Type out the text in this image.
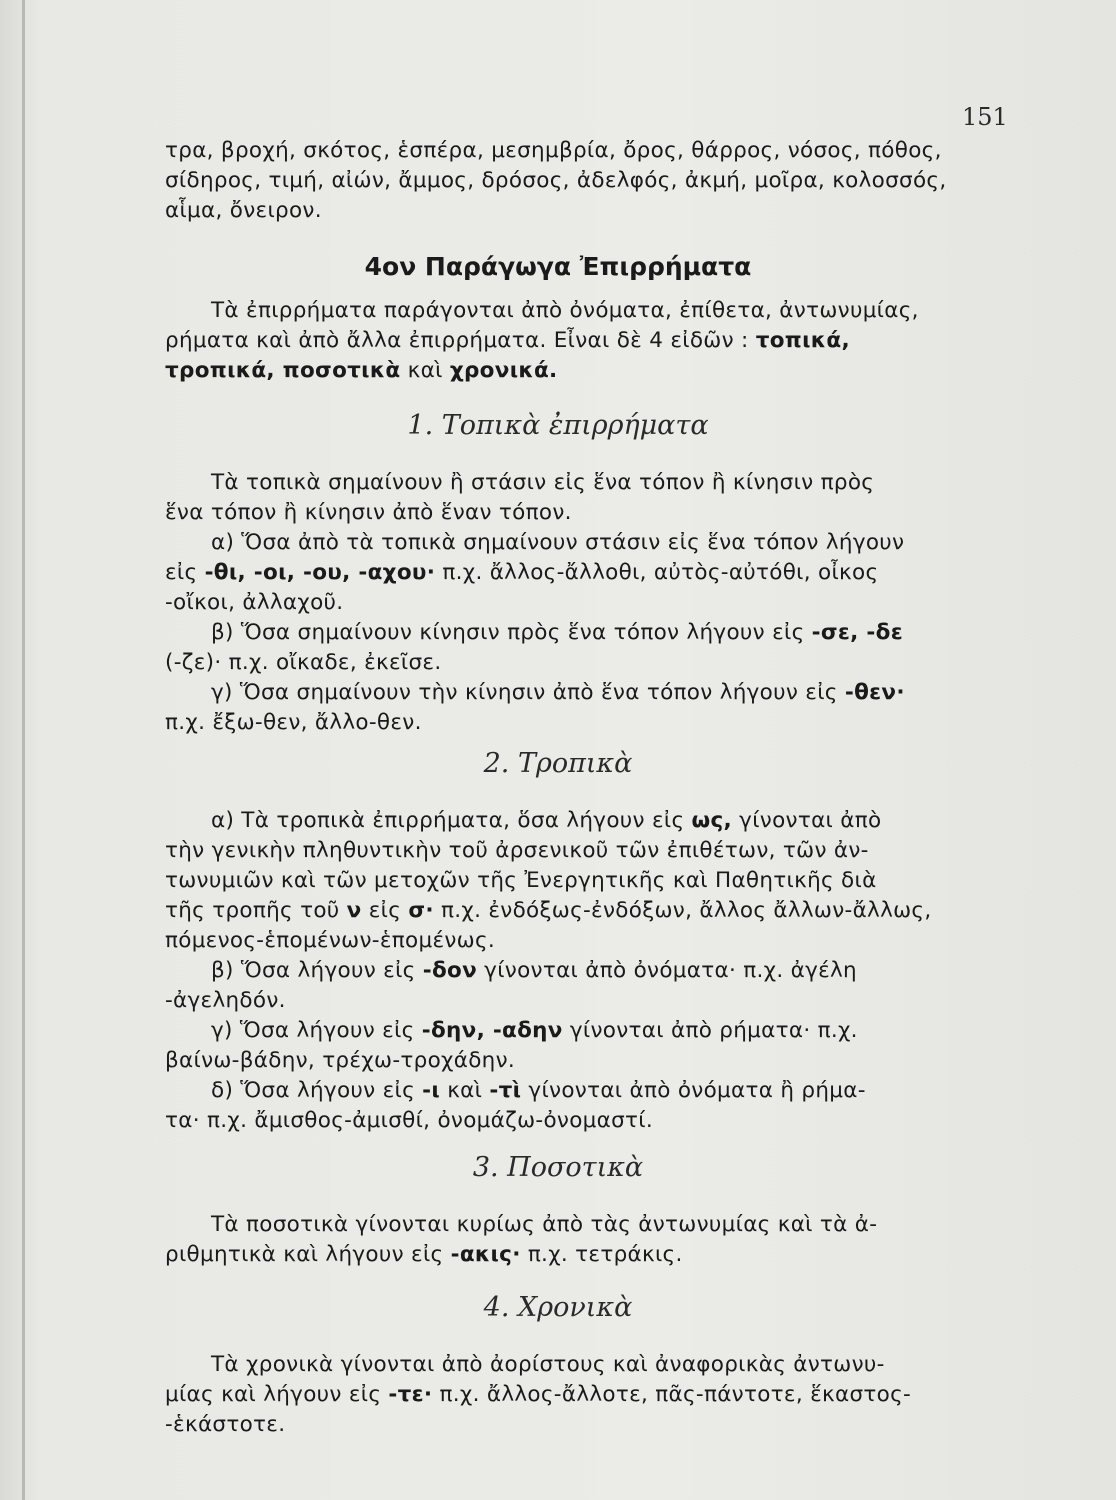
151
τρα, βροχή, σκότος, ἑσπέρα, μεσημβρία, ὄρος, θάρρος, νόσος, πόθος,
σίδηρος, τιμή, αἰών, ἄμμος, δρόσος, ἀδελφός, ἀκμή, μοῖρα, κολοσσός,
αἷμα, ὄνειρον.
4ον Παράγωγα Ἐπιρρήματα
Τὰ ἐπιρρήματα παράγονται ἀπὸ ὀνόματα, ἐπίθετα, ἀντωνυμίας,
ρήματα καὶ ἀπὸ ἄλλα ἐπιρρήματα. Εἶναι δὲ 4 εἰδῶν : τοπικά,
τροπικά, ποσοτικὰ καὶ χρονικά.
1. Τοπικὰ ἐπιρρήματα
Τὰ τοπικὰ σημαίνουν ἢ στάσιν εἰς ἕνα τόπον ἢ κίνησιν πρὸς
ἕνα τόπον ἢ κίνησιν ἀπὸ ἕναν τόπον.
α) Ὅσα ἀπὸ τὰ τοπικὰ σημαίνουν στάσιν εἰς ἕνα τόπον λήγουν
εἰς -θι, -οι, -ου, -αχου· π.χ. ἄλλος-ἄλλοθι, αὐτὸς-αὐτόθι, οἶκος
-οἴκοι, ἀλλαχοῦ.
β) Ὅσα σημαίνουν κίνησιν πρὸς ἕνα τόπον λήγουν εἰς -σε, -δε
(-ζε)· π.χ. οἴκαδε, ἐκεῖσε.
γ) Ὅσα σημαίνουν τὴν κίνησιν ἀπὸ ἕνα τόπον λήγουν εἰς -θεν·
π.χ. ἔξω-θεν, ἄλλο-θεν.
2. Τροπικὰ
α) Τὰ τροπικὰ ἐπιρρήματα, ὅσα λήγουν εἰς ως, γίνονται ἀπὸ
τὴν γενικὴν πληθυντικὴν τοῦ ἀρσενικοῦ τῶν ἐπιθέτων, τῶν ἀν-
τωνυμιῶν καὶ τῶν μετοχῶν τῆς Ἐνεργητικῆς καὶ Παθητικῆς διὰ
τῆς τροπῆς τοῦ ν εἰς σ· π.χ. ἐνδόξως-ἐνδόξων, ἄλλος ἄλλων-ἄλλως,
πόμενος-ἑπομένων-ἑπομένως.
β) Ὅσα λήγουν εἰς -δον γίνονται ἀπὸ ὀνόματα· π.χ. ἀγέλη
-ἀγεληδόν.
γ) Ὅσα λήγουν εἰς -δην, -αδην γίνονται ἀπὸ ρήματα· π.χ.
βαίνω-βάδην, τρέχω-τροχάδην.
δ) Ὅσα λήγουν εἰς -ι καὶ -τὶ γίνονται ἀπὸ ὀνόματα ἢ ρήμα-
τα· π.χ. ἄμισθος-ἀμισθί, ὀνομάζω-ὀνομαστί.
3. Ποσοτικὰ
Τὰ ποσοτικὰ γίνονται κυρίως ἀπὸ τὰς ἀντωνυμίας καὶ τὰ ἀ-
ριθμητικὰ καὶ λήγουν εἰς -ακις· π.χ. τετράκις.
4. Χρονικὰ
Τὰ χρονικὰ γίνονται ἀπὸ ἀορίστους καὶ ἀναφορικὰς ἀντωνυ-
μίας καὶ λήγουν εἰς -τε· π.χ. ἄλλος-ἄλλοτε, πᾶς-πάντοτε, ἕκαστος-
-ἑκάστοτε.
